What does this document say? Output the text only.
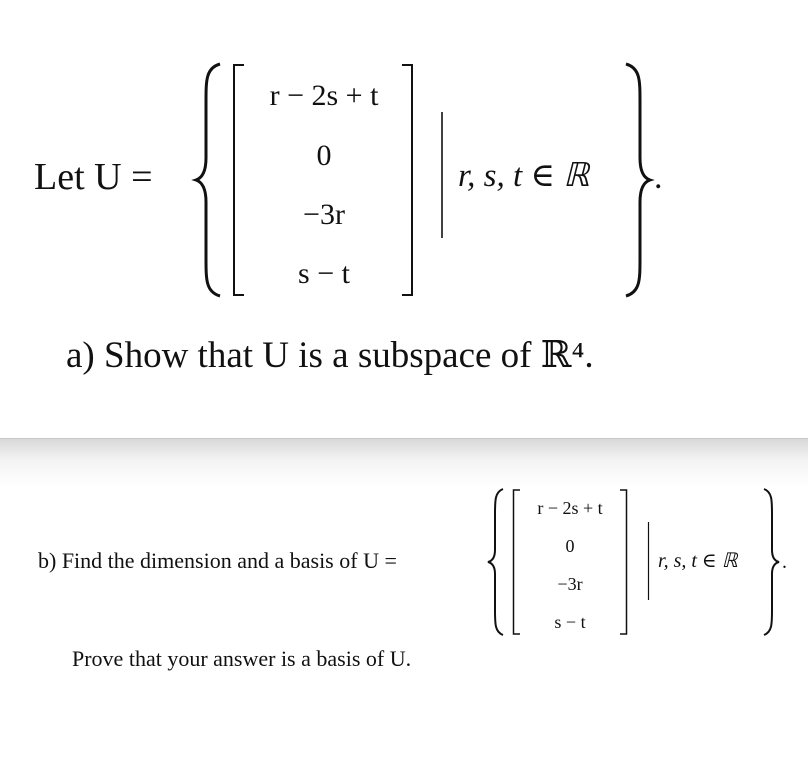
Let U =
r − 2s + t
0
−3r
s − t
r, s, t ∈ ℝ .
a) Show that U is a subspace of ℝ⁴.
b) Find the dimension and a basis of U =
r − 2s + t
0
−3r
s − t
r, s, t ∈ ℝ .
Prove that your answer is a basis of U.
